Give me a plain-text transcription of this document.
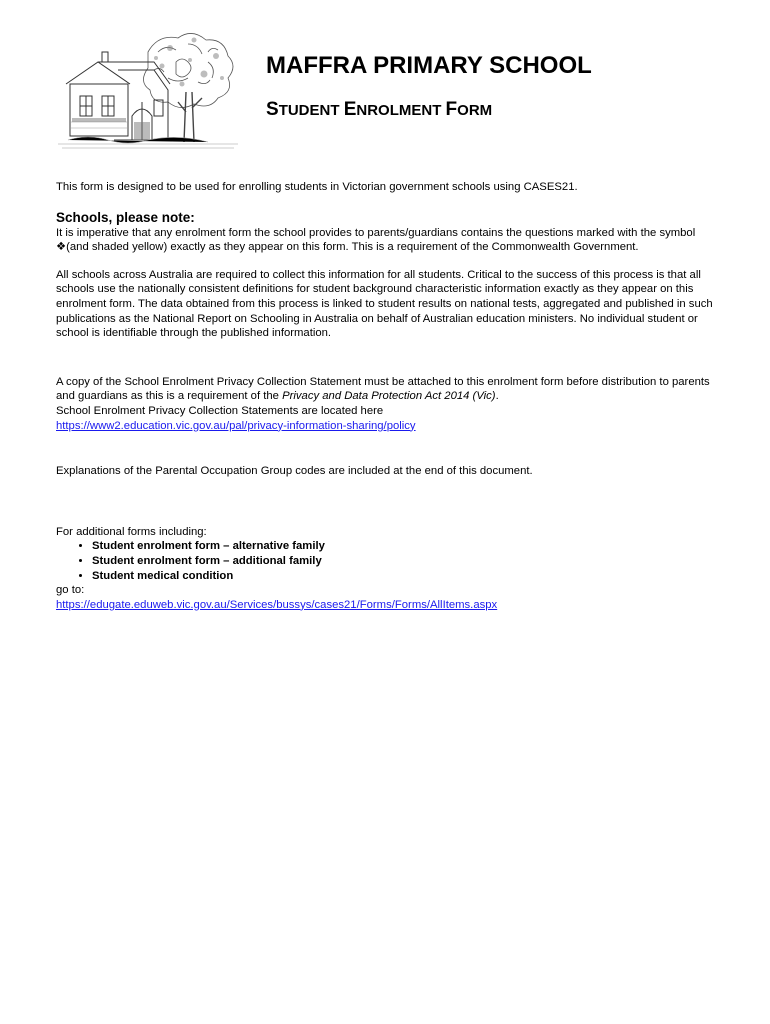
MAFFRA PRIMARY SCHOOL
STUDENT ENROLMENT FORM

This form is designed to be used for enrolling students in Victorian government schools using CASES21.

Schools, please note:

It is imperative that any enrolment form the school provides to parents/guardians contains the questions marked with the symbol ❖(and shaded yellow) exactly as they appear on this form. This is a requirement of the Commonwealth Government.

All schools across Australia are required to collect this information for all students. Critical to the success of this process is that all schools use the nationally consistent definitions for student background characteristic information exactly as they appear on this enrolment form. The data obtained from this process is linked to student results on national tests, aggregated and published in such publications as the National Report on Schooling in Australia on behalf of Australian education ministers. No individual student or school is identifiable through the published information.

A copy of the School Enrolment Privacy Collection Statement must be attached to this enrolment form before distribution to parents and guardians as this is a requirement of the Privacy and Data Protection Act 2014 (Vic).

School Enrolment Privacy Collection Statements are located here

https://www2.education.vic.gov.au/pal/privacy-information-sharing/policy

Explanations of the Parental Occupation Group codes are included at the end of this document.

For additional forms including:

• Student enrolment form – alternative family
• Student enrolment form – additional family
• Student medical condition

go to:

https://edugate.eduweb.vic.gov.au/Services/bussys/cases21/Forms/Forms/AllItems.aspx
